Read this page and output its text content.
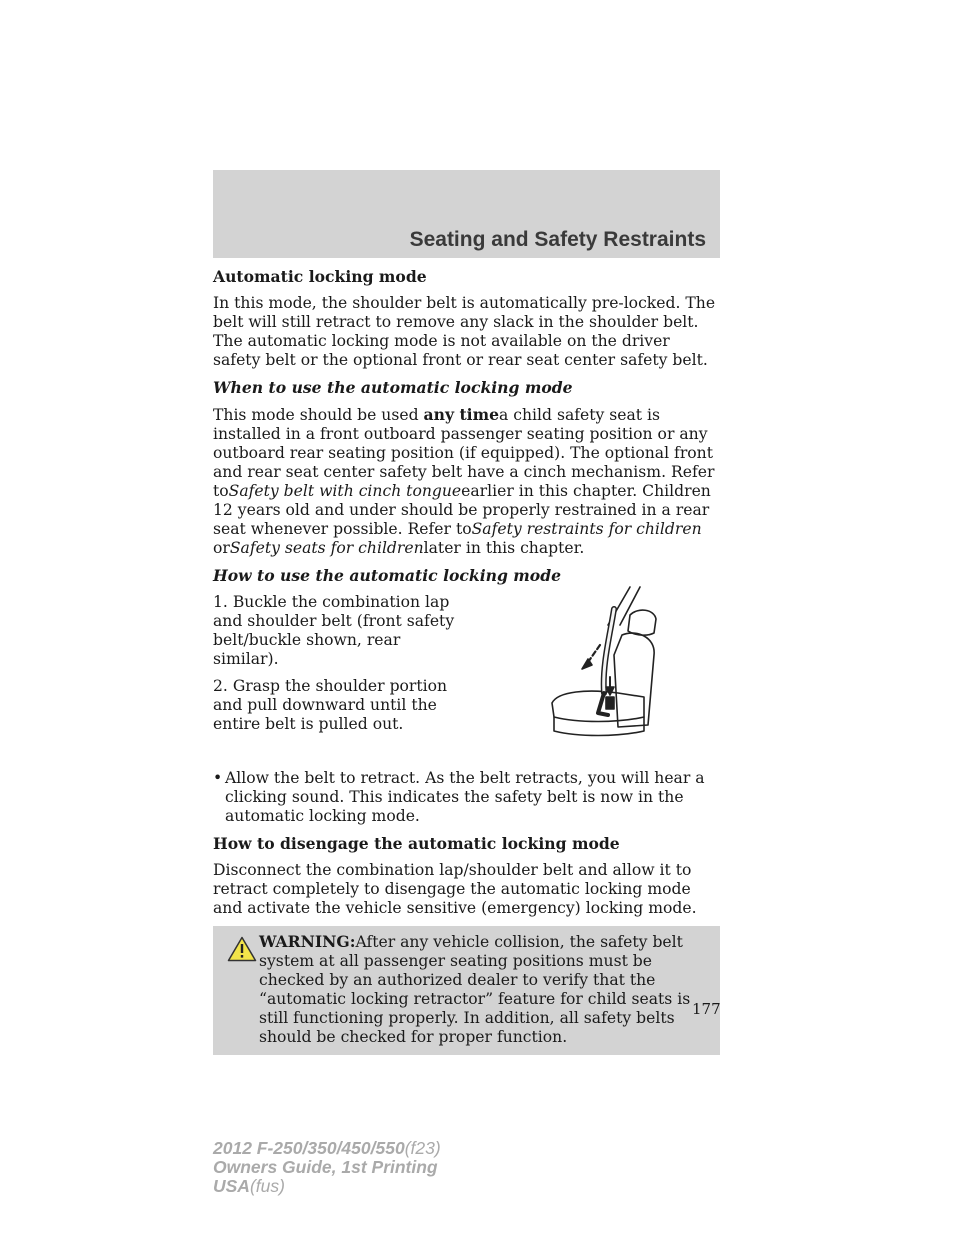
Seating and Safety Restraints

Automatic locking mode

In this mode, the shoulder belt is automatically pre-locked. The belt will still retract to remove any slack in the shoulder belt. The automatic locking mode is not available on the driver safety belt or the optional front or rear seat center safety belt.

When to use the automatic locking mode

This mode should be used any timea child safety seat is installed in a front outboard passenger seating position or any outboard rear seating position (if equipped). The optional front and rear seat center safety belt have a cinch mechanism. Refer toSafety belt with cinch tongueearlier in this chapter. Children 12 years old and under should be properly restrained in a rear seat whenever possible. Refer toSafety restraints for children orSafety seats for childrenlater in this chapter.

How to use the automatic locking mode

1. Buckle the combination lap and shoulder belt (front safety belt/buckle shown, rear similar).

2. Grasp the shoulder portion and pull downward until the entire belt is pulled out.

• Allow the belt to retract. As the belt retracts, you will hear a clicking sound. This indicates the safety belt is now in the automatic locking mode.

How to disengage the automatic locking mode

Disconnect the combination lap/shoulder belt and allow it to retract completely to disengage the automatic locking mode and activate the vehicle sensitive (emergency) locking mode.

WARNING:After any vehicle collision, the safety belt system at all passenger seating positions must be checked by an authorized dealer to verify that the “automatic locking retractor” feature for child seats is still functioning properly. In addition, all safety belts should be checked for proper function.
177
2012 F-250/350/450/550(f23)
Owners Guide, 1st Printing
USA(fus)
